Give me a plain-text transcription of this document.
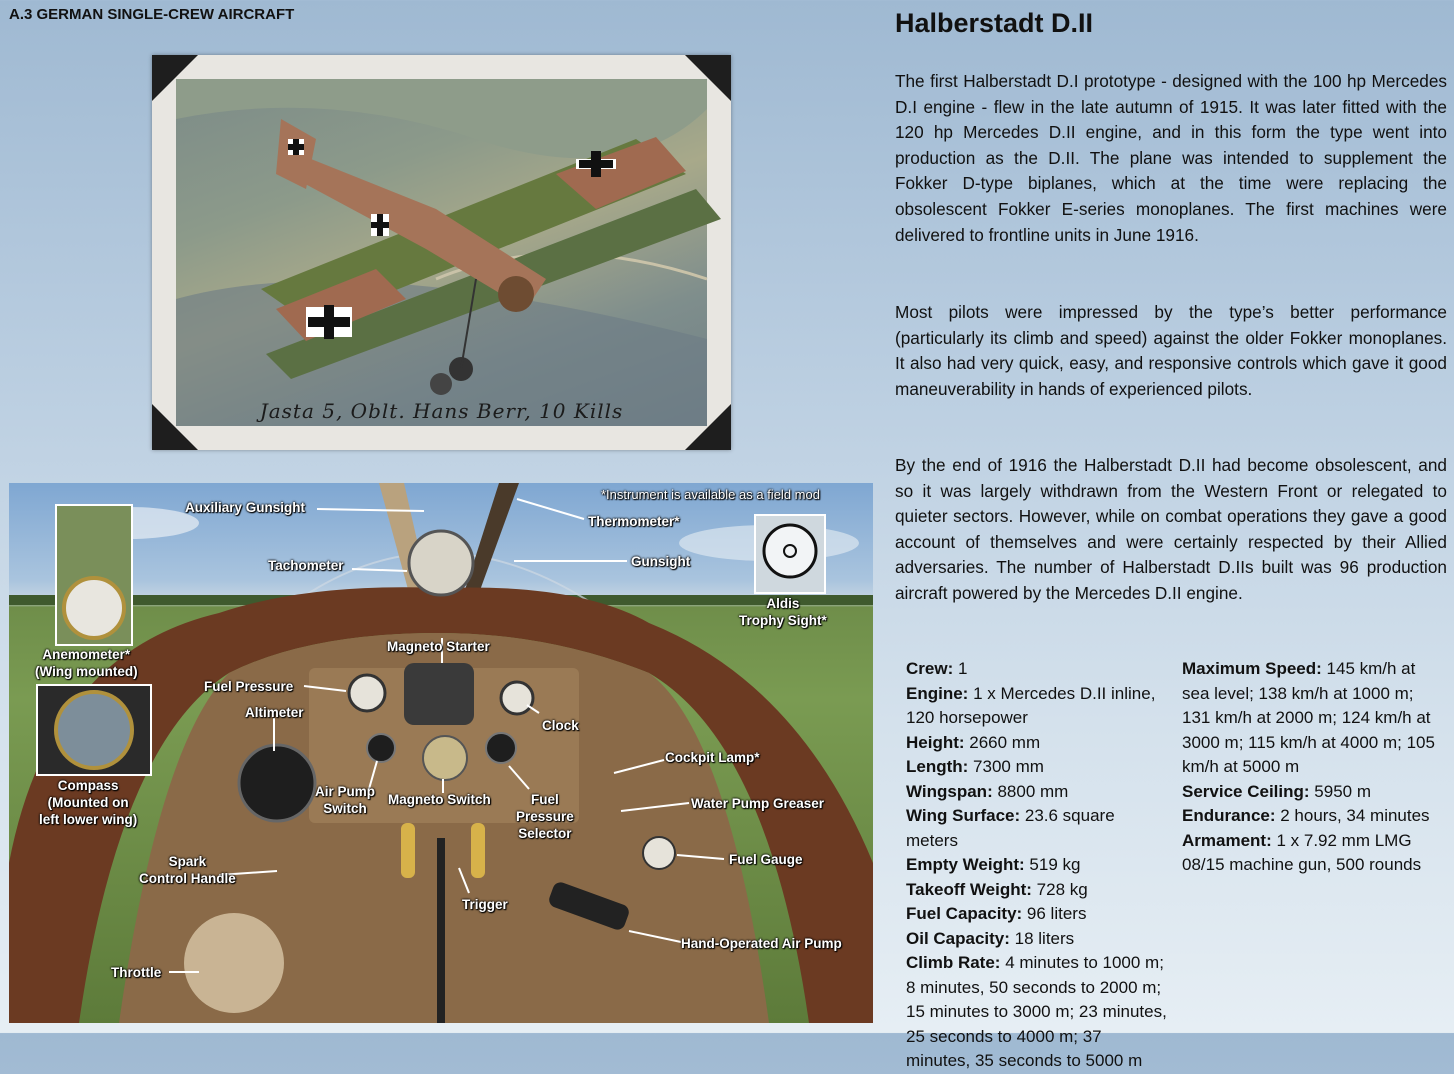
A.3 GERMAN SINGLE-CREW AIRCRAFT
Jasta 5, Oblt. Hans Berr, 10 Kills
*Instrument is available as a field mod
Auxiliary Gunsight
Thermometer*
Tachometer	Gunsight
Aldis
Trophy Sight*
Anemometer*
(Wing mounted)
Magneto Starter
Fuel Pressure
Altimeter
Clock
Cockpit Lamp*
Water Pump Greaser
Compass
(Mounted on
left lower wing)
Air Pump
Switch
Magneto Switch	Fuel
Pressure
Selector
Fuel Gauge
Spark
Control Handle
Trigger
Hand-Operated Air Pump
Throttle
Halberstadt D.II
The first Halberstadt D.I prototype - designed with the 100 hp Mercedes D.I engine - flew in the late autumn of 1915. It was later fitted with the 120 hp Mercedes D.II engine, and in this form the type went into production as the D.II. The plane was intended to supplement the Fokker D-type biplanes, which at the time were replacing the obsolescent Fokker E-series monoplanes. The first machines were delivered to frontline units in June 1916.
Most pilots were impressed by the type’s better performance (particularly its climb and speed) against the older Fokker monoplanes. It also had very quick, easy, and responsive controls which gave it good maneuverability in hands of experienced pilots.
By the end of 1916 the Halberstadt D.II had become obsolescent, and so it was largely withdrawn from the Western Front or relegated to quieter sectors. However, while on combat operations they gave a good account of themselves and were certainly respected by their Allied adversaries. The number of Halberstadt D.IIs built was 96 production aircraft powered by the Mercedes D.II engine.
Crew: 1
Engine: 1 x Mercedes D.II inline, 120 horsepower
Height: 2660 mm
Length: 7300 mm
Wingspan: 8800 mm
Wing Surface: 23.6 square meters
Empty Weight: 519 kg
Takeoff Weight: 728 kg
Fuel Capacity: 96 liters
Oil Capacity: 18 liters
Climb Rate: 4 minutes to 1000 m; 8 minutes, 50 seconds to 2000 m; 15 minutes to 3000 m; 23 minutes, 25 seconds to 4000 m; 37 minutes, 35 seconds to 5000 m
Maximum Speed: 145 km/h at sea level; 138 km/h at 1000 m; 131 km/h at 2000 m; 124 km/h at 3000 m; 115 km/h at 4000 m; 105 km/h at 5000 m
Service Ceiling: 5950 m
Endurance: 2 hours, 34 minutes
Armament: 1 x 7.92 mm LMG 08/15 machine gun, 500 rounds
